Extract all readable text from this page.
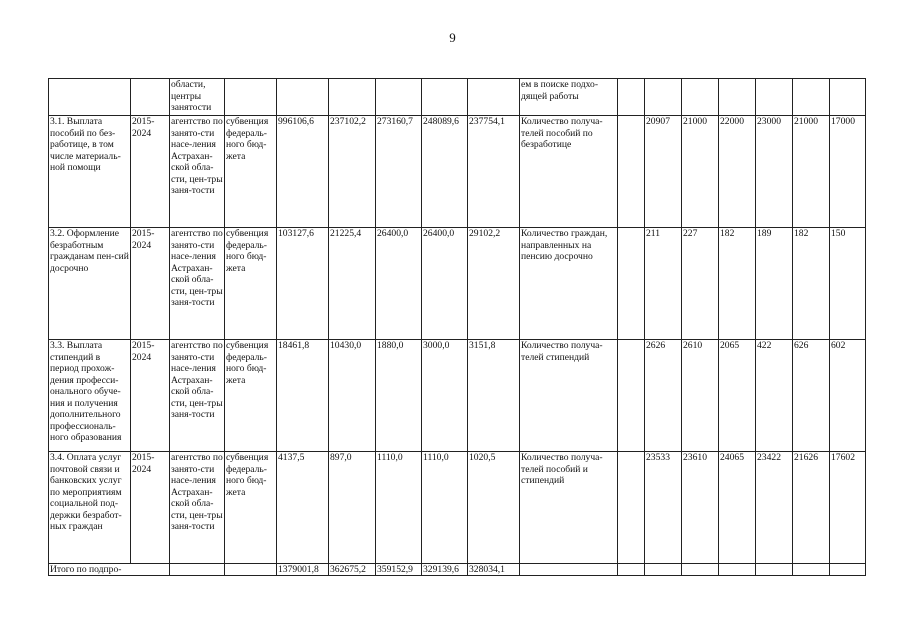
9
		области, центры занятости							ем в поиске подхо-дящей работы							
3.1. Выплата пособий по без-работице, в том числе материаль-ной помощи	2015-2024	агентство по занято-сти насе-ления Астрахан-ской обла-сти, цен-тры заня-тости	субвенция федераль-ного бюд-жета	996106,6	237102,2	273160,7	248089,6	237754,1	Количество получа-телей пособий по безработице		20907	21000	22000	23000	21000	17000
3.2. Оформление безработным гражданам пен-сий досрочно	2015-2024	агентство по занято-сти насе-ления Астрахан-ской обла-сти, цен-тры заня-тости	субвенция федераль-ного бюд-жета	103127,6	21225,4	26400,0	26400,0	29102,2	Количество граждан, направленных на пенсию досрочно		211	227	182	189	182	150
3.3. Выплата стипендий в период прохож-дения професси-онального обуче-ния и получения дополнительного профессиональ-ного образования	2015-2024	агентство по занято-сти насе-ления Астрахан-ской обла-сти, цен-тры заня-тости	субвенция федераль-ного бюд-жета	18461,8	10430,0	1880,0	3000,0	3151,8	Количество получа-телей стипендий		2626	2610	2065	422	626	602
3.4. Оплата услуг почтовой связи и банковских услуг по мероприятиям социальной под-держки безработ-ных граждан	2015-2024	агентство по занято-сти насе-ления Астрахан-ской обла-сти, цен-тры заня-тости	субвенция федераль-ного бюд-жета	4137,5	897,0	1110,0	1110,0	1020,5	Количество получа-телей пособий и стипендий		23533	23610	24065	23422	21626	17602
Итого по подпро-				1379001,8	362675,2	359152,9	329139,6	328034,1								
